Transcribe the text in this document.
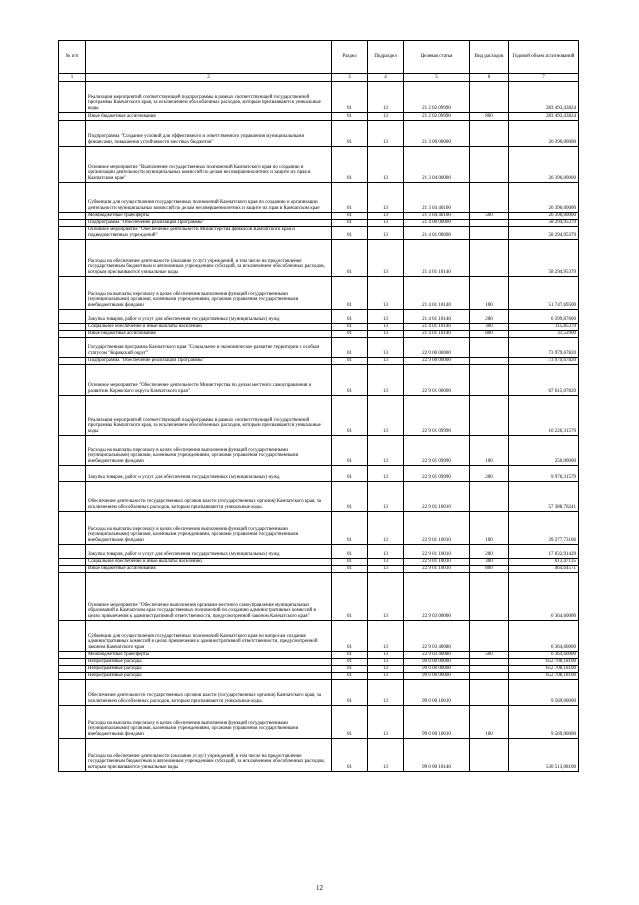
№ п/п		Раздел	Подраздел	Целевая статья	Вид расходов	Годовой объем ассигнований
1	2	3	4	5	6	7
	Реализация мероприятий соответствующей подпрограммы в рамках соответствующей государственной программы Камчатского края, за исключением обособленных расходов, которым присваиваются уникальные коды	01	13	21 2 02 09990		283 493,43824
	Иные бюджетные ассигнования	01	13	21 2 02 09990	800	283 493,43824
	Подпрограмма "Создание условий для эффективного и ответственного управления муниципальными финансами, повышения устойчивости местных бюджетов"	01	13	21 3 00 00000		26 396,00000
	Основное мероприятие "Выполнение государственных полномочий Камчатского края по созданию и организации деятельности муниципальных комиссий по делам несовершеннолетних и защите их прав в Камчатском крае"	01	13	21 3 04 00000		26 396,00000
	Субвенции для осуществления государственных полномочий Камчатского края по созданию и организации деятельности муниципальных комиссий по делам несовершеннолетних и защите их прав в Камчатском крае	01	13	21 3 04 40100		26 396,00000
	Межбюджетные трансферты	01	13	21 3 04 40100	500	26 396,00000
	Подпрограмма "Обеспечение реализации Программы"	01	13	21 4 00 00000		58 294,95379
	Основное мероприятие "Обеспечение деятельности Министерства финансов Камчатского края и подведомственных учреждений"	01	13	21 4 01 00000		58 294,95379
	Расходы на обеспечение деятельности (оказание услуг) учреждений, в том числе на предоставление государственным бюджетным и автономным учреждениям субсидий, за исключением обособленных расходов, которым присваиваются уникальные коды	01	13	21 4 01 10140		58 294,95379
	Расходы на выплаты персоналу в целях обеспечения выполнения функций государственными (муниципальными) органами, казенными учреждениями, органами управления государственными внебюджетными фондами	01	13	21 4 01 10140	100	51 747,69500
	Закупка товаров, работ и услуг для обеспечения государственных (муниципальных) нужд	01	13	21 4 01 10140	200	6 399,87600
	Социальное обеспечение и иные выплаты населению	01	13	21 4 01 10140	300	115,85379
	Иные бюджетные ассигнования	01	13	21 4 01 10140	800	31,52900
	Государственная программа Камчатского края "Социальное и экономическое развитие территории с особым статусом "Корякский округ"	01	13	22 0 00 00000		73 979,67820
	Подпрограмма "Обеспечение реализации Программы"	01	13	22 9 00 00000		73 979,67820
	Основное мероприятие "Обеспечение деятельности Министерства по делам местного самоуправления и развитию Корякского округа Камчатского края"	01	13	22 9 01 00000		67 615,07820
	Реализация мероприятий соответствующей подпрограммы в рамках соответствующей государственной программы Камчатского края, за исключением обособленных расходов, которым присваиваются уникальные коды	01	13	22 9 01 09990		10 226,31579
	Расходы на выплаты персоналу в целях обеспечения выполнения функций государственными (муниципальными) органами, казенными учреждениями, органами управления государственными внебюджетными фондами	01	13	22 9 01 09990	100	250,00000
	Закупка товаров, работ и услуг для обеспечения государственных (муниципальных) нужд	01	13	22 9 01 09990	200	9 976,31579
	Обеспечение деятельности государственных органов власти (государственных органов) Камчатского края, за исключением обособленных расходов, которым присваиваются уникальные коды.	01	13	22 9 01 10010		57 388,76241
	Расходы на выплаты персоналу в целях обеспечения выполнения функций государственными (муниципальными) органами, казенными учреждениями, органами управления государственными внебюджетными фондами	01	13	22 9 01 10010	100	39 277,73106
	Закупка товаров, работ и услуг для обеспечения государственных (муниципальных) нужд	01	13	22 9 01 10010	200	17 032,91429
	Социальное обеспечение и иные выплаты населению	01	13	22 9 01 10010	300	613,47135
	Иные бюджетные ассигнования	01	13	22 9 01 10010	800	464,64571
	Основное мероприятие "Обеспечение выполнения органами местного самоуправления муниципальных образований в Камчатском крае государственных полномочий по созданию административных комиссий в целях привлечения к административной ответственности, предусмотренной законом Камчатского края"	01	13	22 9 03 00000		6 364,60000
	Субвенции для осуществления государственных полномочий Камчатского края по вопросам создания административных комиссий в целях привлечения к административной ответственности, предусмотренной законом Камчатского края	01	13	22 9 03 40080		6 364,60000
	Межбюджетные трансферты	01	13	22 9 03 40080	500	6 364,60000
	Непрограммные расходы	01	13	99 0 00 00000		652 708,18100
	Непрограммные расходы	01	13	99 0 00 00000		652 708,18100
	Непрограммные расходы	01	13	99 0 00 00000		652 708,18100
	Обеспечение деятельности государственных органов власти (государственных органов) Камчатского края, за исключением обособленных расходов, которым присваиваются уникальные коды.	01	13	99 0 00 10010		9 569,00000
	Расходы на выплаты персоналу в целях обеспечения выполнения функций государственными (муниципальными) органами, казенными учреждениями, органами управления государственными внебюджетными фондами	01	13	99 0 00 10010	100	9 569,00000
	Расходы на обеспечение деятельности (оказание услуг) учреждений, в том числе на предоставление государственным бюджетным и автономным учреждениям субсидий, за исключением обособленных расходов, которым присваиваются уникальные коды	01	13	99 0 00 10140		530 513,08100
12
